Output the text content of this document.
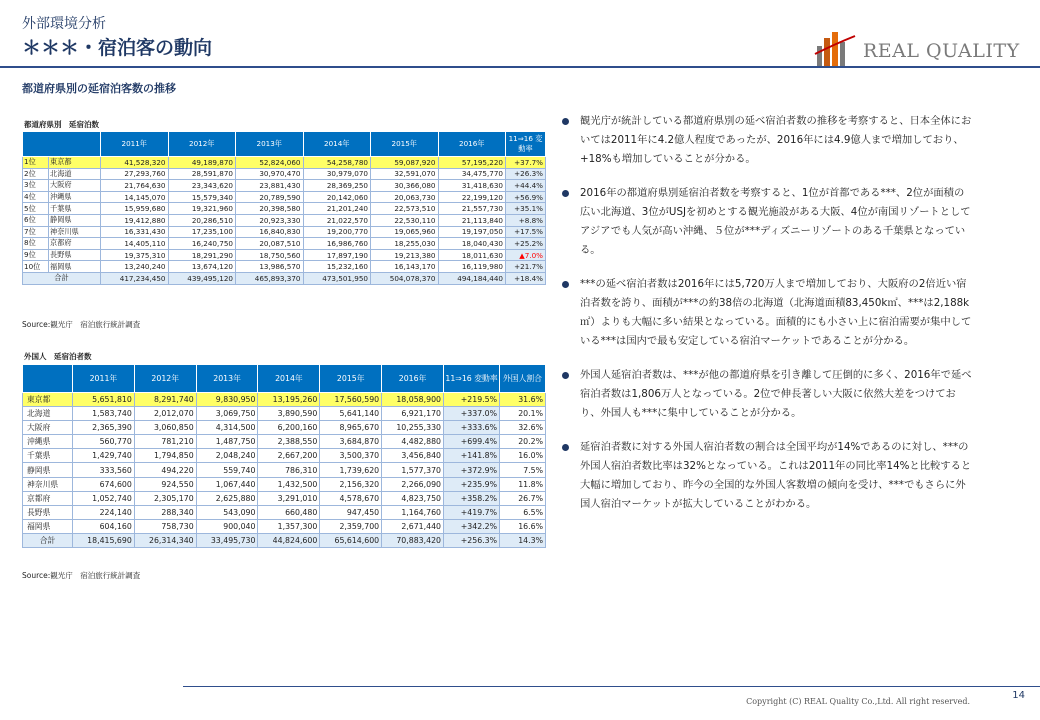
外部環境分析
＊＊＊・宿泊客の動向	REAL QUALITY
都道府県別の延宿泊客数の推移
都道府県別　延宿泊数
		2011年	2012年	2013年	2014年	2015年	2016年	11⇒16 変動率
1位	東京都	41,528,320	49,189,870	52,824,060	54,258,780	59,087,920	57,195,220	+37.7%
2位	北海道	27,293,760	28,591,870	30,970,470	30,979,070	32,591,070	34,475,770	+26.3%
3位	大阪府	21,764,630	23,343,620	23,881,430	28,369,250	30,366,080	31,418,630	+44.4%
4位	沖縄県	14,145,070	15,579,340	20,789,590	20,142,060	20,063,730	22,199,120	+56.9%
5位	千葉県	15,959,680	19,321,960	20,398,580	21,201,240	22,573,510	21,557,730	+35.1%
6位	静岡県	19,412,880	20,286,510	20,923,330	21,022,570	22,530,110	21,113,840	+8.8%
7位	神奈川県	16,331,430	17,235,100	16,840,830	19,200,770	19,065,960	19,197,050	+17.5%
8位	京都府	14,405,110	16,240,750	20,087,510	16,986,760	18,255,030	18,040,430	+25.2%
9位	長野県	19,375,310	18,291,290	18,750,560	17,897,190	19,213,380	18,011,630	▲7.0%
10位	福岡県	13,240,240	13,674,120	13,986,570	15,232,160	16,143,170	16,119,980	+21.7%
合計		417,234,450	439,495,120	465,893,370	473,501,950	504,078,370	494,184,440	+18.4%
Source:観光庁　宿泊旅行統計調査
外国人　延宿泊者数
	2011年	2012年	2013年	2014年	2015年	2016年	11⇒16 変動率	外国人割合
東京都	5,651,810	8,291,740	9,830,950	13,195,260	17,560,590	18,058,900	+219.5%	31.6%
北海道	1,583,740	2,012,070	3,069,750	3,890,590	5,641,140	6,921,170	+337.0%	20.1%
大阪府	2,365,390	3,060,850	4,314,500	6,200,160	8,965,670	10,255,330	+333.6%	32.6%
沖縄県	560,770	781,210	1,487,750	2,388,550	3,684,870	4,482,880	+699.4%	20.2%
千葉県	1,429,740	1,794,850	2,048,240	2,667,200	3,500,370	3,456,840	+141.8%	16.0%
静岡県	333,560	494,220	559,740	786,310	1,739,620	1,577,370	+372.9%	7.5%
神奈川県	674,600	924,550	1,067,440	1,432,500	2,156,320	2,266,090	+235.9%	11.8%
京都府	1,052,740	2,305,170	2,625,880	3,291,010	4,578,670	4,823,750	+358.2%	26.7%
長野県	224,140	288,340	543,090	660,480	947,450	1,164,760	+419.7%	6.5%
福岡県	604,160	758,730	900,040	1,357,300	2,359,700	2,671,440	+342.2%	16.6%
合計	18,415,690	26,314,340	33,495,730	44,824,600	65,614,600	70,883,420	+256.3%	14.3%
Source:観光庁　宿泊旅行統計調査
観光庁が統計している都道府県別の延べ宿泊者数の推移を考察すると、日本全体においては2011年に4.2億人程度であったが、2016年には4.9億人まで増加しており、+18%も増加していることが分かる。
2016年の都道府県別延宿泊者数を考察すると、1位が首都である***、2位が面積の広い北海道、3位がUSJを初めとする観光施設がある大阪、4位が南国リゾートとしてアジアでも人気が高い沖縄、５位が***ディズニーリゾートのある千葉県となっている。
***の延べ宿泊者数は2016年には5,720万人まで増加しており、大阪府の2倍近い宿泊者数を誇り、面積が***の約38倍の北海道（北海道面積83,450k㎡、***は2,188k㎡）よりも大幅に多い結果となっている。面積的にも小さい上に宿泊需要が集中している***は国内で最も安定している宿泊マーケットであることが分かる。
外国人延宿泊者数は、***が他の都道府県を引き離して圧倒的に多く、2016年で延べ宿泊者数は1,806万人となっている。2位で伸長著しい大阪に依然大差をつけており、外国人も***に集中していることが分かる。
延宿泊者数に対する外国人宿泊者数の割合は全国平均が14%であるのに対し、***の外国人宿泊者数比率は32%となっている。これは2011年の同比率14%と比較すると大幅に増加しており、昨今の全国的な外国人客数増の傾向を受け、***でもさらに外国人宿泊マーケットが拡大していることがわかる。
Copyright (C) REAL Quality Co.,Ltd. All right reserved.
14
